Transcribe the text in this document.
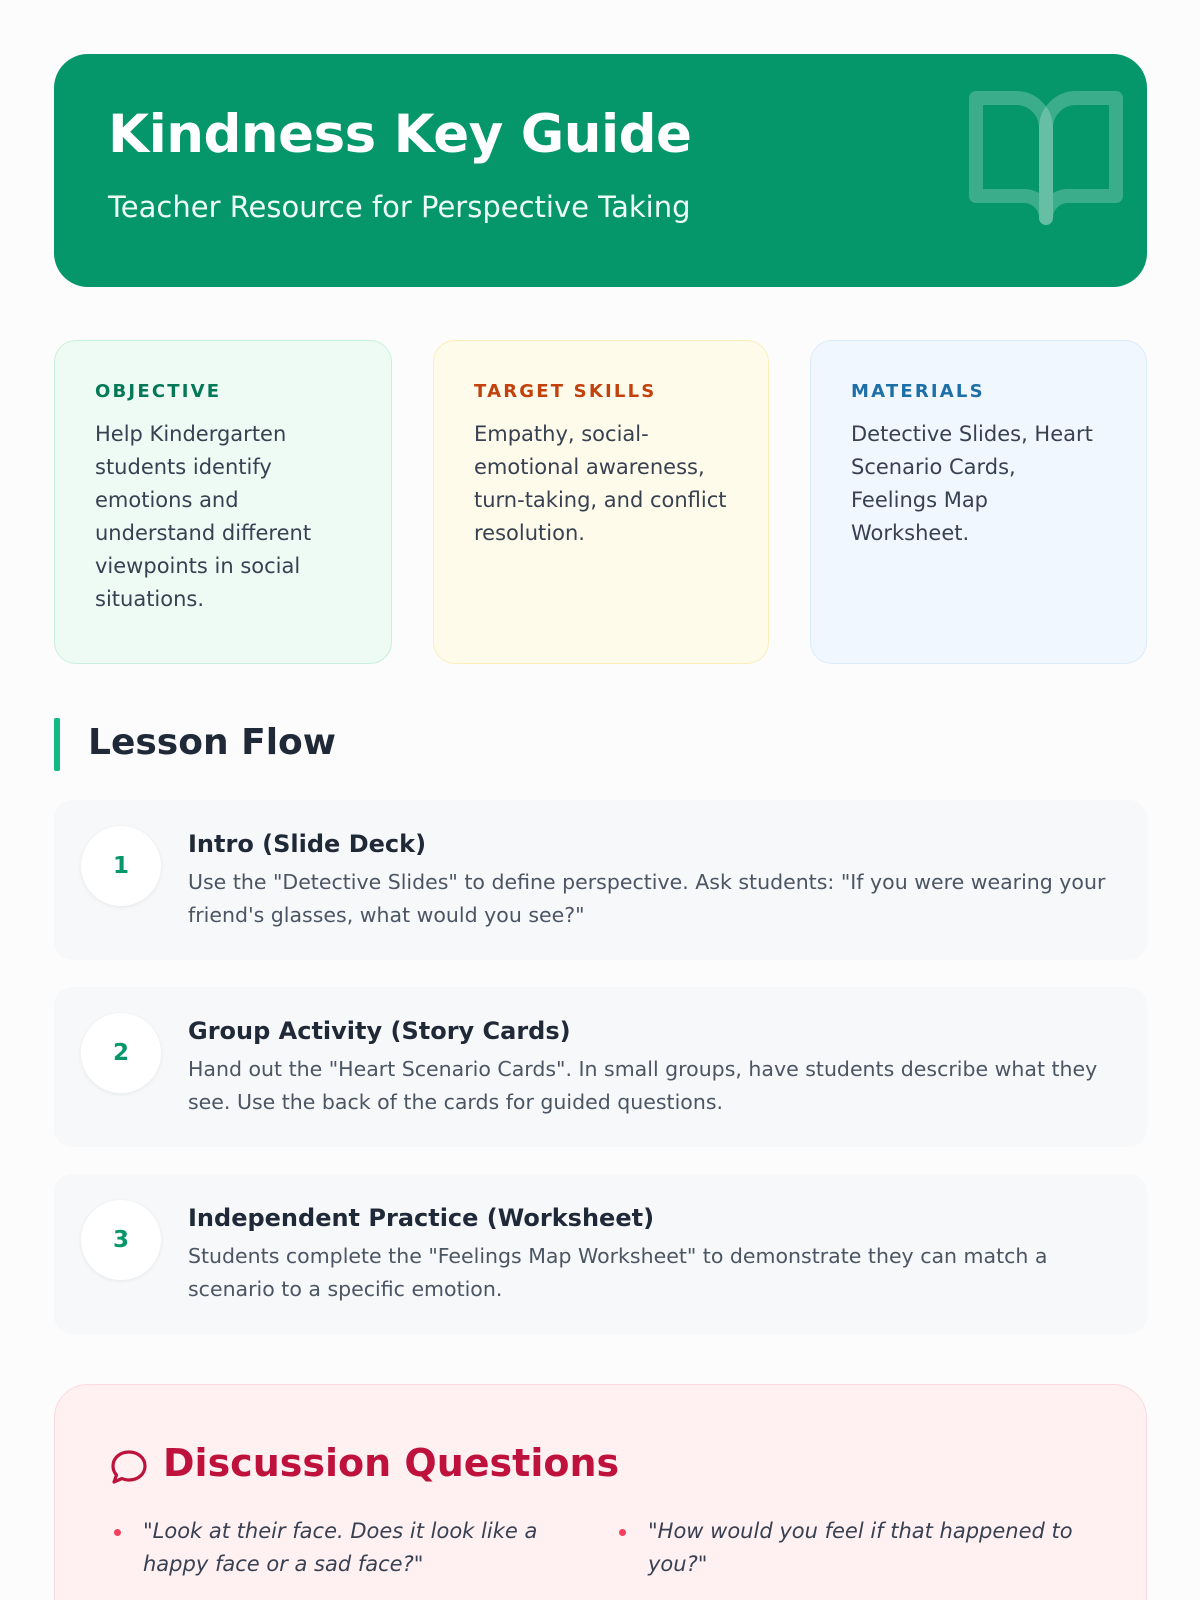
Kindness Key Guide
Teacher Resource for Perspective Taking
OBJECTIVE
Help Kindergarten students identify emotions and understand different viewpoints in social situations.
TARGET SKILLS
Empathy, social-emotional awareness, turn-taking, and conflict resolution.
MATERIALS
Detective Slides, Heart Scenario Cards, Feelings Map Worksheet.
Lesson Flow
1
Intro (Slide Deck)
Use the "Detective Slides" to define perspective. Ask students: "If you were wearing your friend's glasses, what would you see?"
2
Group Activity (Story Cards)
Hand out the "Heart Scenario Cards". In small groups, have students describe what they see. Use the back of the cards for guided questions.
3
Independent Practice (Worksheet)
Students complete the "Feelings Map Worksheet" to demonstrate they can match a scenario to a specific emotion.
Discussion Questions
"Look at their face. Does it look like a happy face or a sad face?"
"How would you feel if that happened to you?"
